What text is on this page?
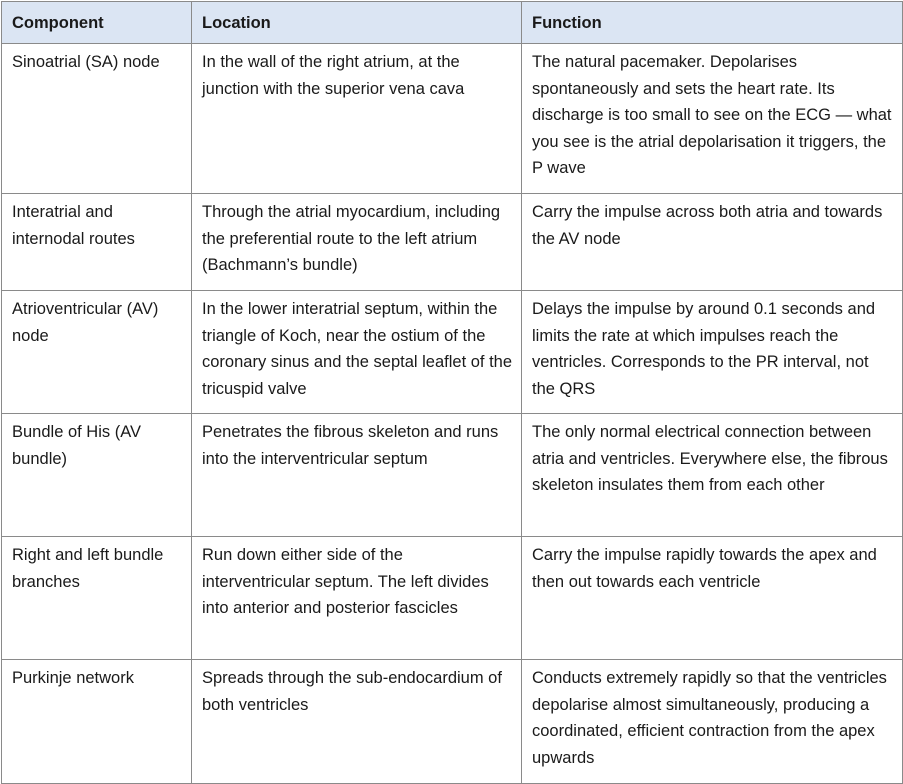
Component	Location	Function
Sinoatrial (SA) node	In the wall of the right atrium, at the junction with the superior vena cava	The natural pacemaker. Depolarises spontaneously and sets the heart rate. Its discharge is too small to see on the ECG — what you see is the atrial depolarisation it triggers, the P wave
Interatrial and internodal routes	Through the atrial myocardium, including the preferential route to the left atrium (Bachmann’s bundle)	Carry the impulse across both atria and towards the AV node
Atrioventricular (AV) node	In the lower interatrial septum, within the triangle of Koch, near the ostium of the coronary sinus and the septal leaflet of the tricuspid valve	Delays the impulse by around 0.1 seconds and limits the rate at which impulses reach the ventricles. Corresponds to the PR interval, not the QRS
Bundle of His (AV bundle)	Penetrates the fibrous skeleton and runs into the interventricular septum	The only normal electrical connection between atria and ventricles. Everywhere else, the fibrous skeleton insulates them from each other
Right and left bundle branches	Run down either side of the interventricular septum. The left divides into anterior and posterior fascicles	Carry the impulse rapidly towards the apex and then out towards each ventricle
Purkinje network	Spreads through the sub-endocardium of both ventricles	Conducts extremely rapidly so that the ventricles depolarise almost simultaneously, producing a coordinated, efficient contraction from the apex upwards
